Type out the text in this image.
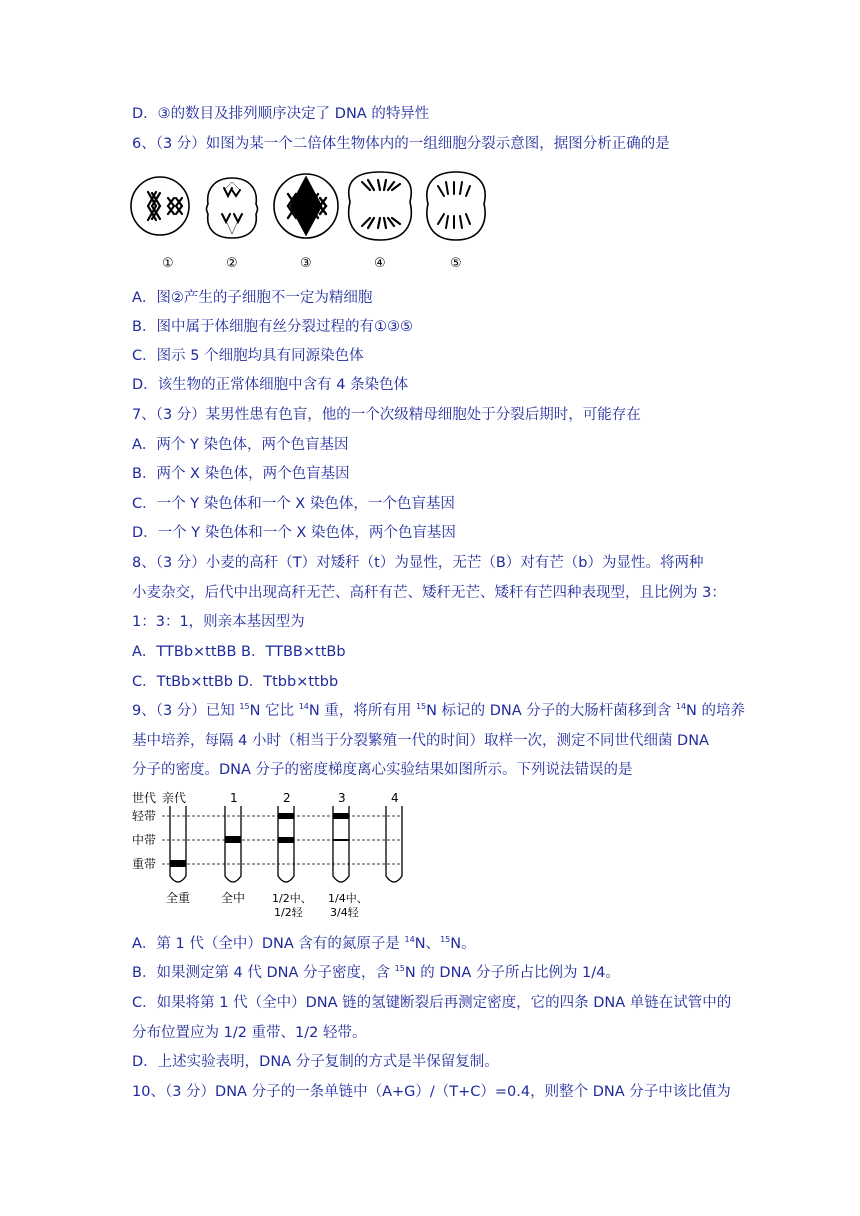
D．③的数目及排列顺序决定了 DNA 的特异性
6、（3 分）如图为某一个二倍体生物体内的一组细胞分裂示意图，据图分析正确的是
①	②	③	④	⑤
A．图②产生的子细胞不一定为精细胞
B．图中属于体细胞有丝分裂过程的有①③⑤
C．图示 5 个细胞均具有同源染色体
D．该生物的正常体细胞中含有 4 条染色体
7、（3 分）某男性患有色盲，他的一个次级精母细胞处于分裂后期时，可能存在
A．两个 Y 染色体，两个色盲基因
B．两个 X 染色体，两个色盲基因
C．一个 Y 染色体和一个 X 染色体，一个色盲基因
D．一个 Y 染色体和一个 X 染色体，两个色盲基因
8、（3 分）小麦的高秆（T）对矮秆（t）为显性，无芒（B）对有芒（b）为显性。将两种
小麦杂交，后代中出现高秆无芒、高秆有芒、矮秆无芒、矮秆有芒四种表现型，且比例为 3：
1：3：1，则亲本基因型为
A．TTBb×ttBB B．TTBB×ttBb
C．TtBb×ttBb D．Ttbb×ttbb
9、（3 分）已知 $^{15}$N 它比 $^{14}$N 重，将所有用 $^{15}$N 标记的 DNA 分子的大肠杆菌移到含 $^{14}$N 的培养
基中培养，每隔 4 小时（相当于分裂繁殖一代的时间）取样一次，测定不同世代细菌 DNA
分子的密度。DNA 分子的密度梯度离心实验结果如图所示。下列说法错误的是
世代 亲代	1	2	3	4
轻带
中带
重带
全重	全中 1/2中、
1/2轻
1/4中、
3/4轻
A．第 1 代（全中）DNA 含有的氮原子是 $^{14}$N、$^{15}$N。
B．如果测定第 4 代 DNA 分子密度，含 $^{15}$N 的 DNA 分子所占比例为 1/4。
C．如果将第 1 代（全中）DNA 链的氢键断裂后再测定密度，它的四条 DNA 单链在试管中的
分布位置应为 1/2 重带、1/2 轻带。
D．上述实验表明，DNA 分子复制的方式是半保留复制。
10、（3 分）DNA 分子的一条单链中（A+G）/（T+C）=0.4，则整个 DNA 分子中该比值为
